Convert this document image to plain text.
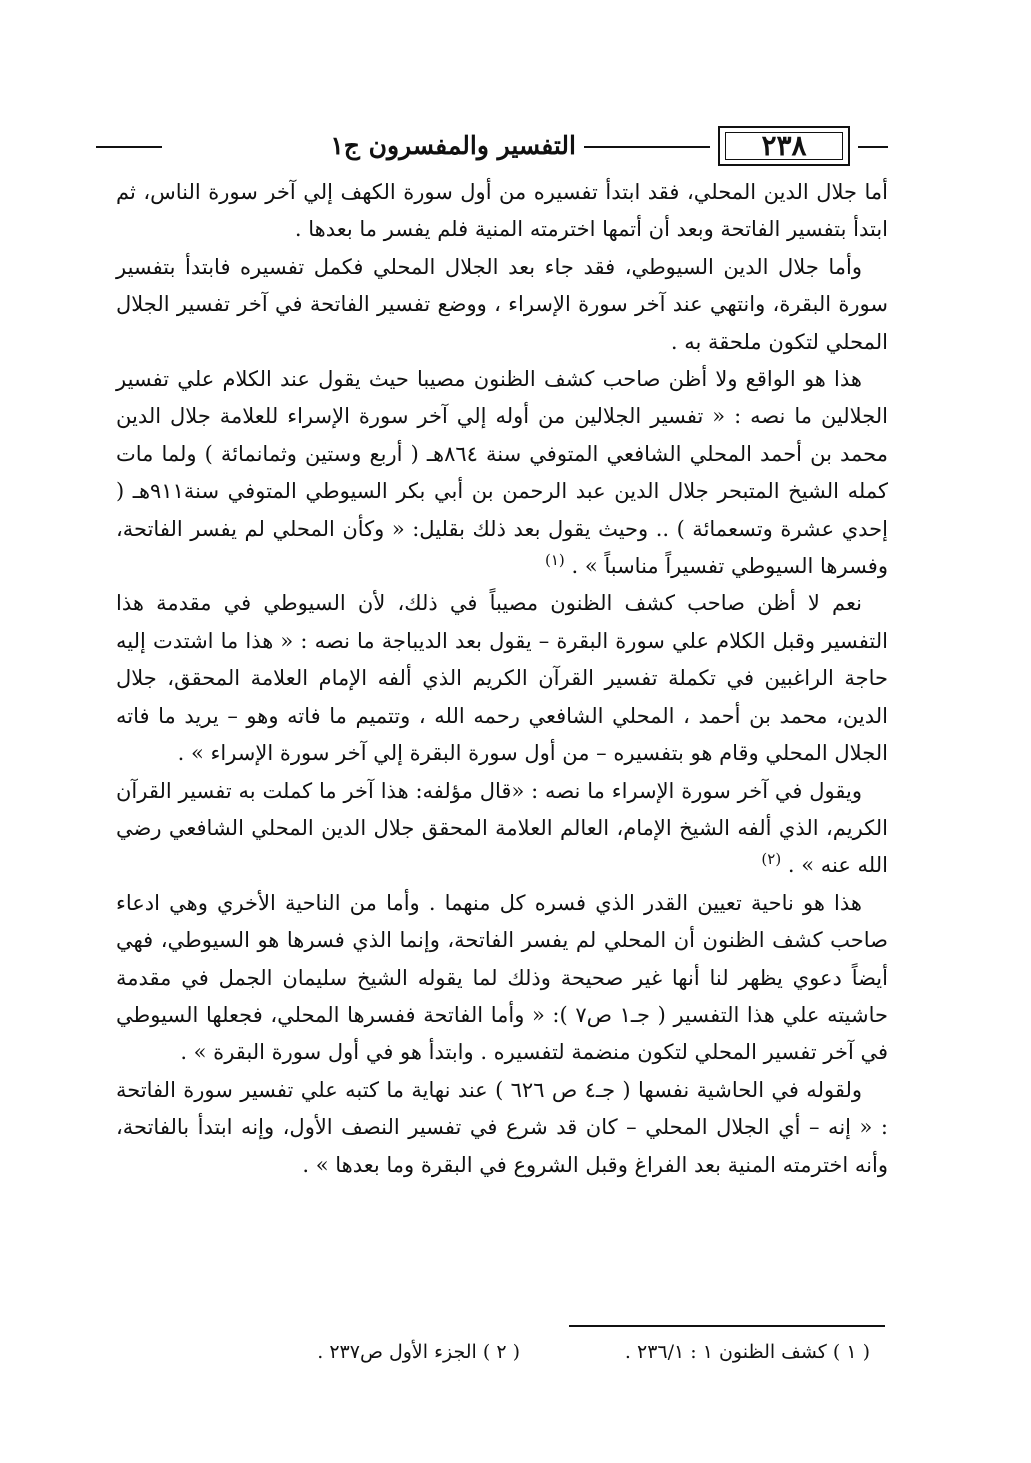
٢٣٨
التفسير والمفسرون ج١

أما جلال الدين المحلي، فقد ابتدأ تفسيره من أول سورة الكهف إلي آخر سورة الناس، ثم ابتدأ بتفسير الفاتحة وبعد أن أتمها اخترمته المنية فلم يفسر ما بعدها .

وأما جلال الدين السيوطي، فقد جاء بعد الجلال المحلي فكمل تفسيره فابتدأ بتفسير سورة البقرة، وانتهي عند آخر سورة الإسراء ، ووضع تفسير الفاتحة في آخر تفسير الجلال المحلي لتكون ملحقة به .

هذا هو الواقع ولا أظن صاحب كشف الظنون مصيبا حيث يقول عند الكلام علي تفسير الجلالين ما نصه : « تفسير الجلالين من أوله إلي آخر سورة الإسراء للعلامة جلال الدين محمد بن أحمد المحلي الشافعي المتوفي سنة ٨٦٤هـ ( أربع وستين وثمانمائة ) ولما مات كمله الشيخ المتبحر جلال الدين عبد الرحمن بن أبي بكر السيوطي المتوفي سنة٩١١هـ ( إحدي عشرة وتسعمائة ) .. وحيث يقول بعد ذلك بقليل: « وكأن المحلي لم يفسر الفاتحة، وفسرها السيوطي تفسيراً مناسباً » . $^{(١)}$

نعم لا أظن صاحب كشف الظنون مصيباً في ذلك، لأن السيوطي في مقدمة هذا التفسير وقبل الكلام علي سورة البقرة – يقول بعد الديباجة ما نصه : « هذا ما اشتدت إليه حاجة الراغبين في تكملة تفسير القرآن الكريم الذي ألفه الإمام العلامة المحقق، جلال الدين، محمد بن أحمد ، المحلي الشافعي رحمه الله ، وتتميم ما فاته وهو – يريد ما فاته الجلال المحلي وقام هو بتفسيره – من أول سورة البقرة إلي آخر سورة الإسراء » .

ويقول في آخر سورة الإسراء ما نصه : «قال مؤلفه: هذا آخر ما كملت به تفسير القرآن الكريم، الذي ألفه الشيخ الإمام، العالم العلامة المحقق جلال الدين المحلي الشافعي رضي الله عنه » . $^{(٢)}$

هذا هو ناحية تعيين القدر الذي فسره كل منهما . وأما من الناحية الأخري وهي ادعاء صاحب كشف الظنون أن المحلي لم يفسر الفاتحة، وإنما الذي فسرها هو السيوطي، فهي أيضاً دعوي يظهر لنا أنها غير صحيحة وذلك لما يقوله الشيخ سليمان الجمل في مقدمة حاشيته علي هذا التفسير ( جـ١ ص٧ ): « وأما الفاتحة ففسرها المحلي، فجعلها السيوطي في آخر تفسير المحلي لتكون منضمة لتفسيره . وابتدأ هو في أول سورة البقرة » .

ولقوله في الحاشية نفسها ( جـ٤ ص ٦٢٦ ) عند نهاية ما كتبه علي تفسير سورة الفاتحة : « إنه – أي الجلال المحلي – كان قد شرع في تفسير النصف الأول، وإنه ابتدأ بالفاتحة، وأنه اخترمته المنية بعد الفراغ وقبل الشروع في البقرة وما بعدها » .

( ١ ) كشف الظنون ١ : ٢٣٦/١ .
( ٢ ) الجزء الأول ص٢٣٧ .
